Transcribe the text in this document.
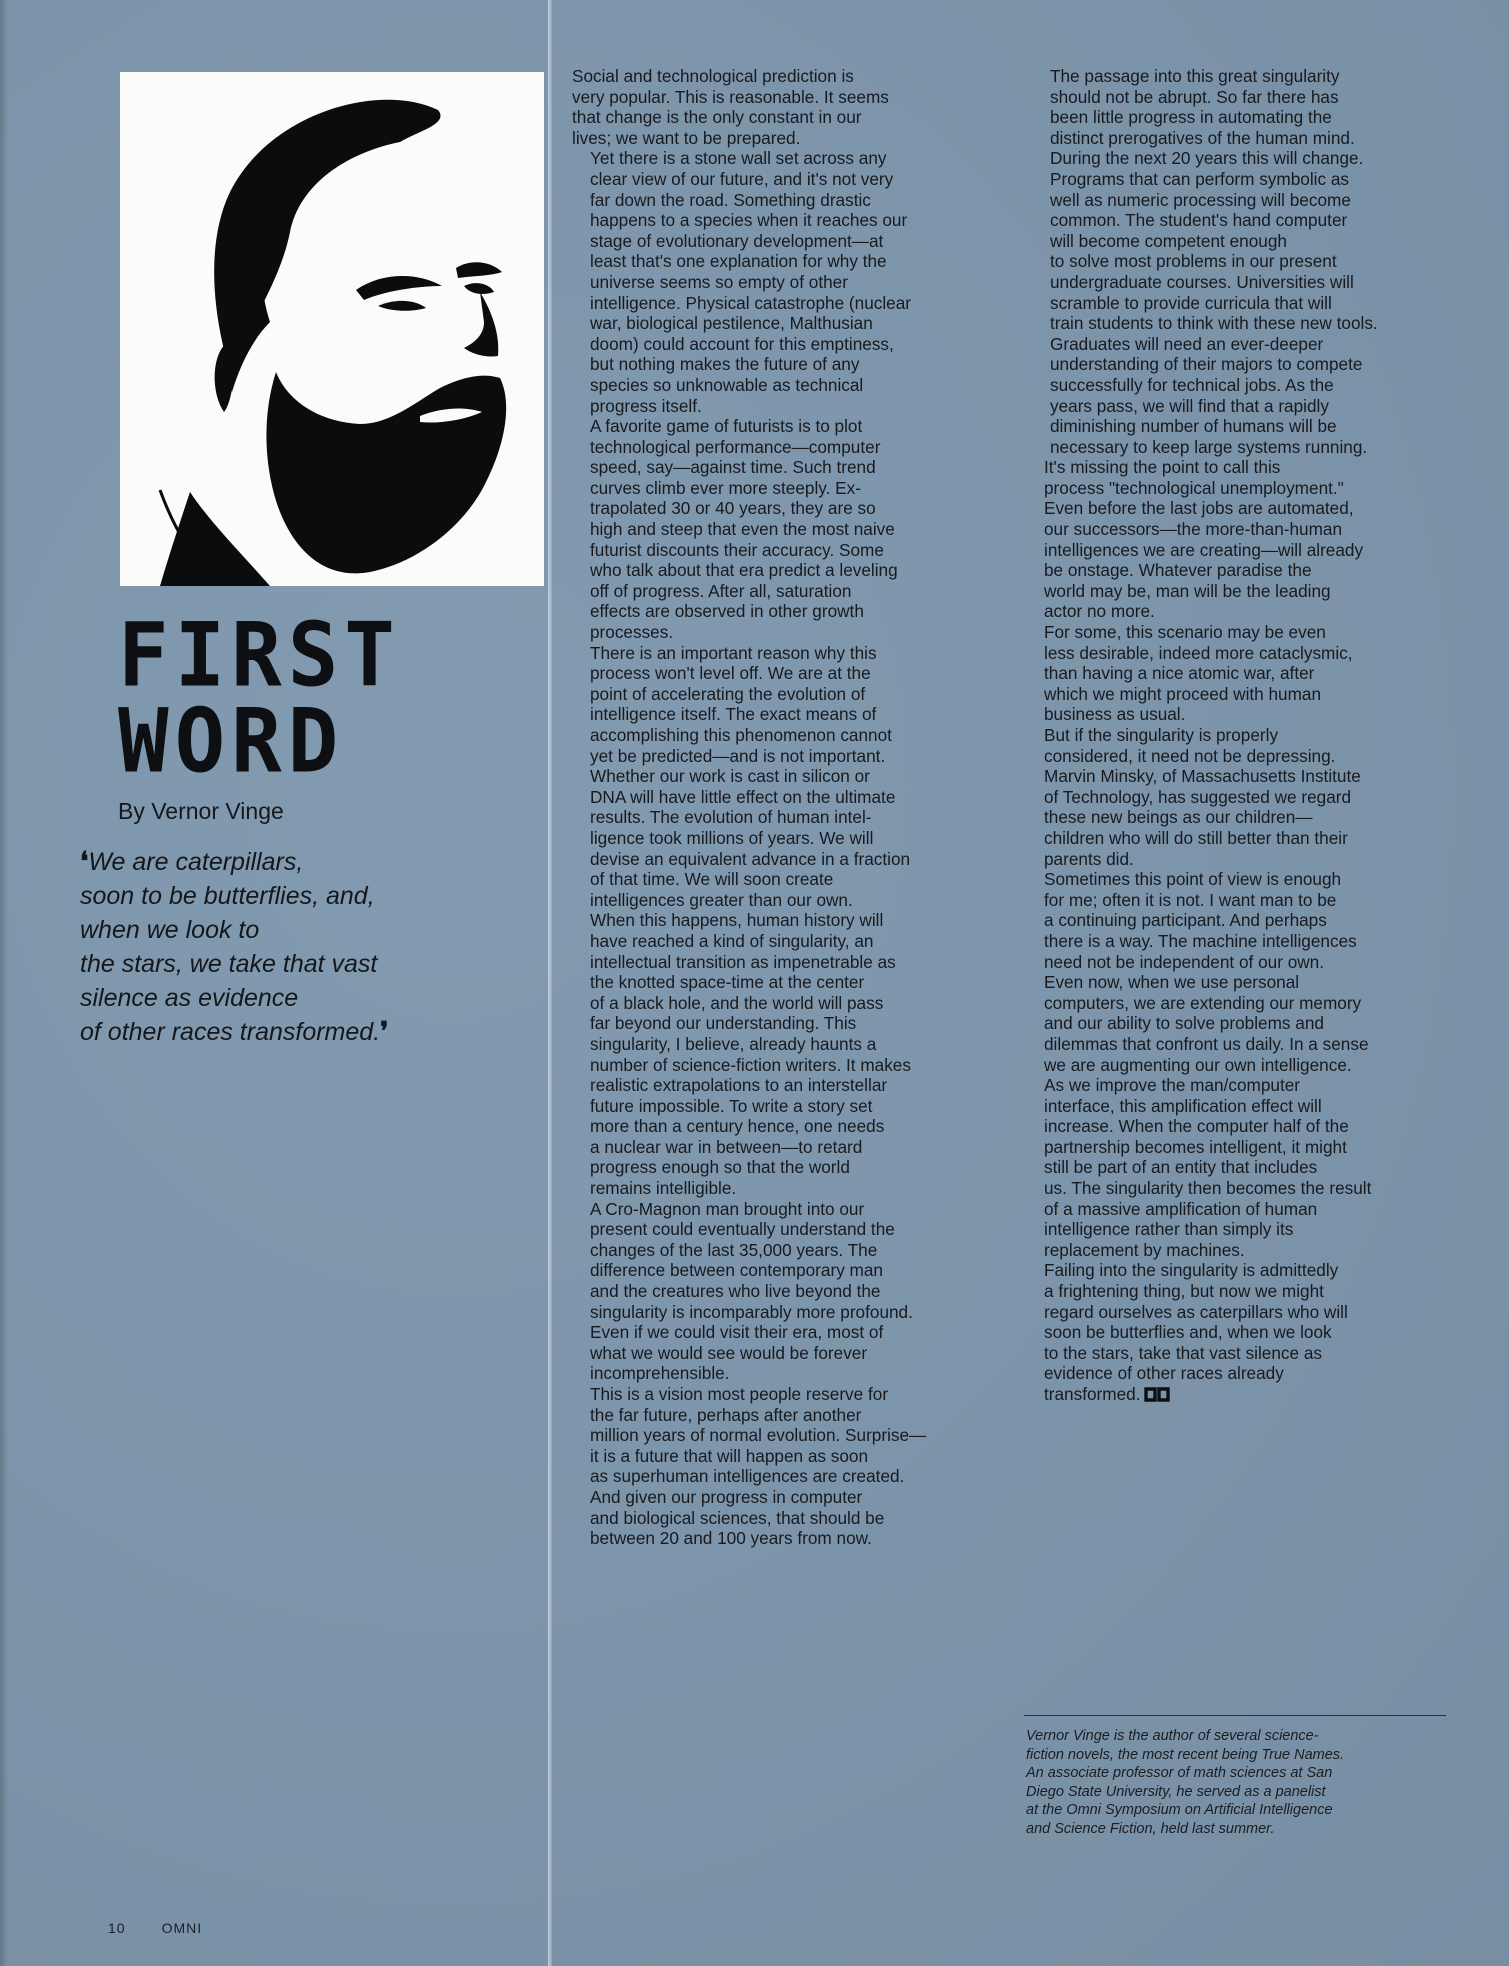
FIRST
WORD
By Vernor Vinge
❛We are caterpillars,
soon to be butterflies, and,
when we look to
the stars, we take that vast
silence as evidence
of other races transformed.❜

Social and technological prediction is
very popular. This is reasonable. It seems
that change is the only constant in our
lives; we want to be prepared.

Yet there is a stone wall set across any
clear view of our future, and it's not very
far down the road. Something drastic
happens to a species when it reaches our
stage of evolutionary development—at
least that's one explanation for why the
universe seems so empty of other
intelligence. Physical catastrophe (nuclear
war, biological pestilence, Malthusian
doom) could account for this emptiness,
but nothing makes the future of any
species so unknowable as technical
progress itself.

A favorite game of futurists is to plot
technological performance—computer
speed, say—against time. Such trend
curves climb ever more steeply. Ex-
trapolated 30 or 40 years, they are so
high and steep that even the most naive
futurist discounts their accuracy. Some
who talk about that era predict a leveling
off of progress. After all, saturation
effects are observed in other growth
processes.

There is an important reason why this
process won't level off. We are at the
point of accelerating the evolution of
intelligence itself. The exact means of
accomplishing this phenomenon cannot
yet be predicted—and is not important.
Whether our work is cast in silicon or
DNA will have little effect on the ultimate
results. The evolution of human intel-
ligence took millions of years. We will
devise an equivalent advance in a fraction
of that time. We will soon create
intelligences greater than our own.

When this happens, human history will
have reached a kind of singularity, an
intellectual transition as impenetrable as
the knotted space-time at the center
of a black hole, and the world will pass
far beyond our understanding. This
singularity, I believe, already haunts a
number of science-fiction writers. It makes
realistic extrapolations to an interstellar
future impossible. To write a story set
more than a century hence, one needs
a nuclear war in between—to retard
progress enough so that the world
remains intelligible.

A Cro-Magnon man brought into our
present could eventually understand the
changes of the last 35,000 years. The
difference between contemporary man
and the creatures who live beyond the
singularity is incomparably more profound.
Even if we could visit their era, most of
what we would see would be forever
incomprehensible.

This is a vision most people reserve for
the far future, perhaps after another
million years of normal evolution. Surprise—
it is a future that will happen as soon
as superhuman intelligences are created.
And given our progress in computer
and biological sciences, that should be
between 20 and 100 years from now.

The passage into this great singularity
should not be abrupt. So far there has
been little progress in automating the
distinct prerogatives of the human mind.
During the next 20 years this will change.
Programs that can perform symbolic as
well as numeric processing will become
common. The student's hand computer
will become competent enough
to solve most problems in our present
undergraduate courses. Universities will
scramble to provide curricula that will
train students to think with these new tools.
Graduates will need an ever-deeper
understanding of their majors to compete
successfully for technical jobs. As the
years pass, we will find that a rapidly
diminishing number of humans will be
necessary to keep large systems running.

It's missing the point to call this
process "technological unemployment."
Even before the last jobs are automated,
our successors—the more-than-human
intelligences we are creating—will already
be onstage. Whatever paradise the
world may be, man will be the leading
actor no more.

For some, this scenario may be even
less desirable, indeed more cataclysmic,
than having a nice atomic war, after
which we might proceed with human
business as usual.

But if the singularity is properly
considered, it need not be depressing.
Marvin Minsky, of Massachusetts Institute
of Technology, has suggested we regard
these new beings as our children—
children who will do still better than their
parents did.

Sometimes this point of view is enough
for me; often it is not. I want man to be
a continuing participant. And perhaps
there is a way. The machine intelligences
need not be independent of our own.
Even now, when we use personal
computers, we are extending our memory
and our ability to solve problems and
dilemmas that confront us daily. In a sense
we are augmenting our own intelligence.
As we improve the man/computer
interface, this amplification effect will
increase. When the computer half of the
partnership becomes intelligent, it might
still be part of an entity that includes
us. The singularity then becomes the result
of a massive amplification of human
intelligence rather than simply its
replacement by machines.

Failing into the singularity is admittedly
a frightening thing, but now we might
regard ourselves as caterpillars who will
soon be butterflies and, when we look
to the stars, take that vast silence as
evidence of other races already
transformed.

Vernor Vinge is the author of several science-
fiction novels, the most recent being True Names.
An associate professor of math sciences at San
Diego State University, he served as a panelist
at the Omni Symposium on Artificial Intelligence
and Science Fiction, held last summer.
10	OMNI
